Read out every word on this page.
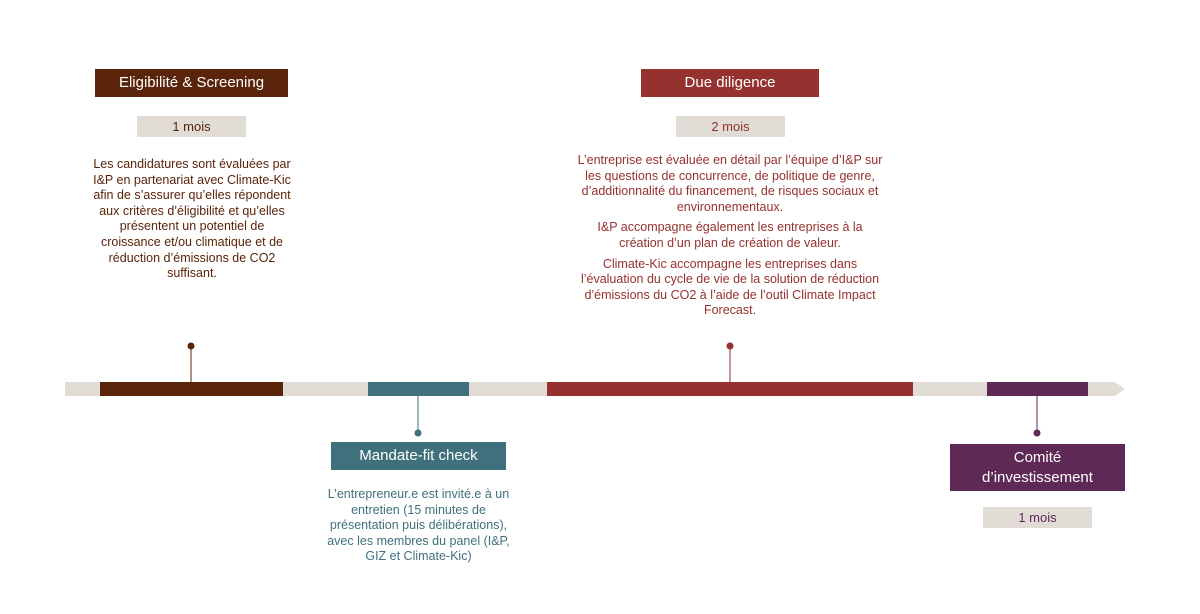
Eligibilité & Screening
1 mois

Les candidatures sont évaluées par I&P en partenariat avec Climate-Kic afin de s’assurer qu’elles répondent aux critères d’éligibilité et qu’elles présentent un potentiel de croissance et/ou climatique et de réduction d’émissions de CO2 suffisant.

Mandate-fit check

L’entrepreneur.e est invité.e à un entretien (15 minutes de présentation puis délibérations), avec les membres du panel (I&P, GIZ et Climate-Kic)

Due diligence
2 mois

L’entreprise est évaluée en détail par l’équipe d’I&P sur les questions de concurrence, de politique de genre, d’additionnalité du financement, de risques sociaux et environnementaux.

I&P accompagne également les entreprises à la création d’un plan de création de valeur.

Climate-Kic accompagne les entreprises dans l’évaluation du cycle de vie de la solution de réduction d’émissions du CO2 à l’aide de l’outil Climate Impact Forecast.

Comité d’investissement
1 mois
